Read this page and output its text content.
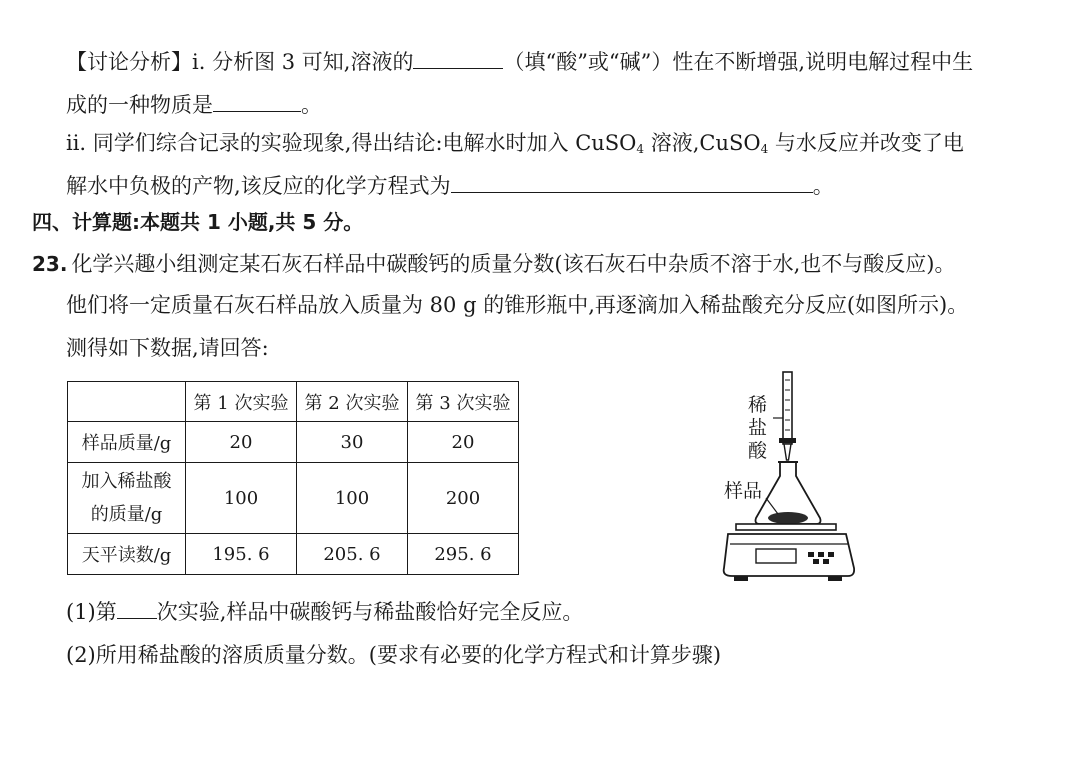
【讨论分析】ⅰ. 分析图 3 可知,溶液的	（填“酸”或“碱”）性在不断增强,说明电解过程中生
成的一种物质是	。
ⅱ. 同学们综合记录的实验现象,得出结论:电解水时加入 CuSO$_4$ 溶液,CuSO$_4$ 与水反应并改变了电
解水中负极的产物,该反应的化学方程式为	。
四、计算题:本题共 1 小题,共 5 分。
23. 化学兴趣小组测定某石灰石样品中碳酸钙的质量分数(该石灰石中杂质不溶于水,也不与酸反应)。
他们将一定质量石灰石样品放入质量为 80 g 的锥形瓶中,再逐滴加入稀盐酸充分反应(如图所示)。
测得如下数据,请回答:
	第 1 次实验	第 2 次实验	第 3 次实验
样品质量/g	20	30	20

加入稀盐酸
的质量/g	100	100	200
天平读数/g	195. 6	205. 6	295. 6
稀
盐
酸
样品
(1)第 次实验,样品中碳酸钙与稀盐酸恰好完全反应。
(2)所用稀盐酸的溶质质量分数。(要求有必要的化学方程式和计算步骤)
